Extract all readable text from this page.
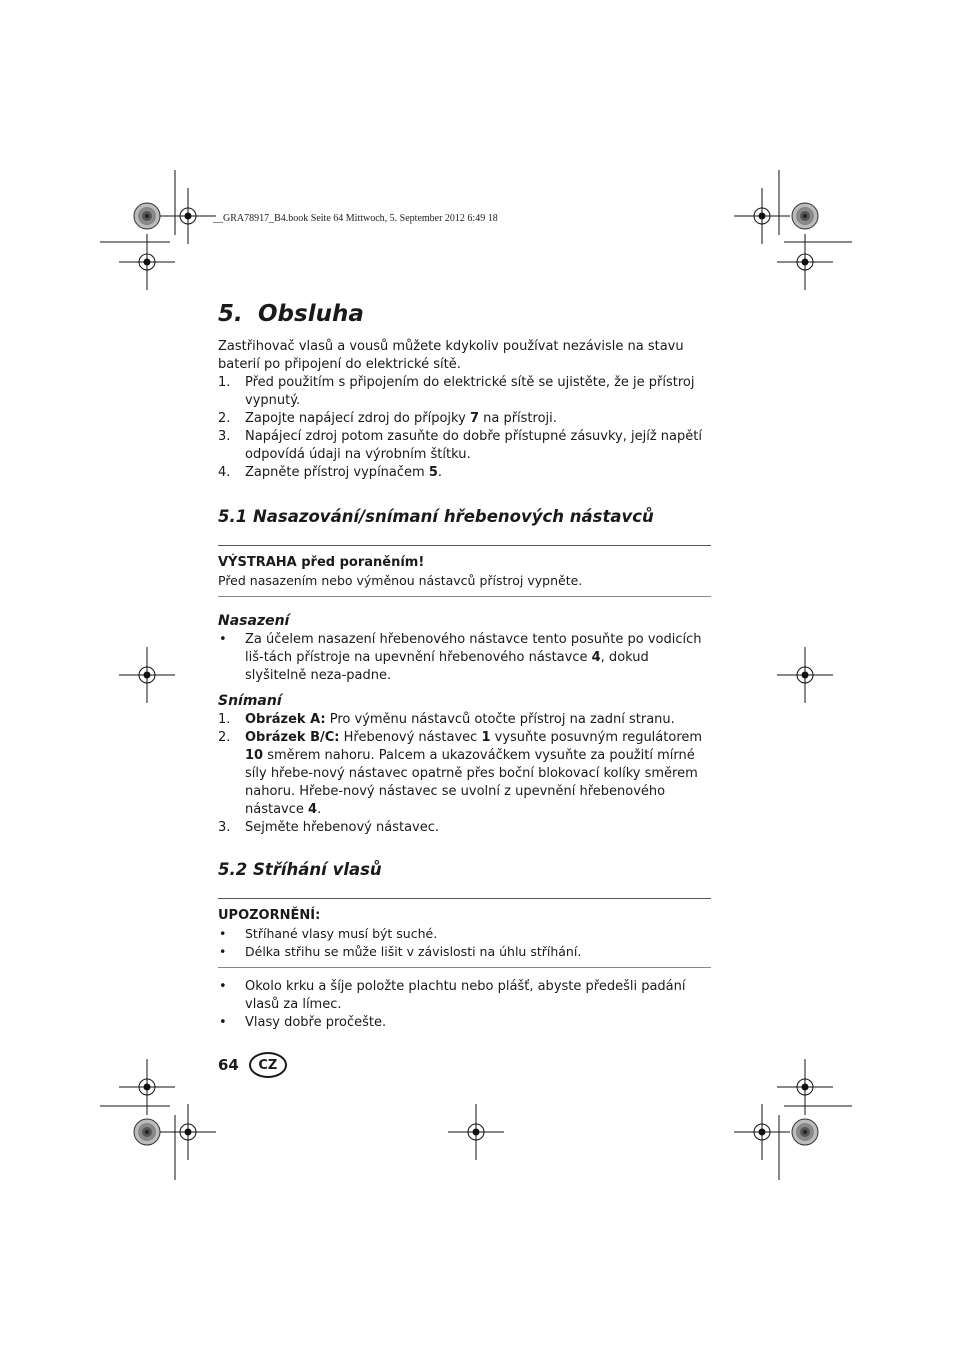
__GRA78917_B4.book Seite 64 Mittwoch, 5. September 2012 6:49 18
5. Obsluha

Zastřihovač vlasů a vousů můžete kdykoliv používat nezávisle na stavu baterií po připojení do elektrické sítě.

1. Před použitím s připojením do elektrické sítě se ujistěte, že je přístroj vypnutý.
2. Zapojte napájecí zdroj do přípojky 7 na přístroji.
3. Napájecí zdroj potom zasuňte do dobře přístupné zásuvky, jejíž napětí odpovídá údaji na výrobním štítku.
4. Zapněte přístroj vypínačem 5.
5.1 Nasazování/snímaní hřebenových nástavců
VÝSTRAHA před poraněním!
Před nasazením nebo výměnou nástavců přístroj vypněte.
Nasazení
• Za účelem nasazení hřebenového nástavce tento posuňte po vodicích liš-tách přístroje na upevnění hřebenového nástavce 4, dokud slyšitelně neza-padne.
Snímaní
1. Obrázek A: Pro výměnu nástavců otočte přístroj na zadní stranu.
2. Obrázek B/C: Hřebenový nástavec 1 vysuňte posuvným regulátorem 10 směrem nahoru. Palcem a ukazováčkem vysuňte za použití mírné síly hřebe-nový nástavec opatrně přes boční blokovací kolíky směrem nahoru. Hřebe-nový nástavec se uvolní z upevnění hřebenového nástavce 4.
3. Sejměte hřebenový nástavec.
5.2 Stříhání vlasů
UPOZORNĚNÍ:
• Stříhané vlasy musí být suché.
• Délka střihu se může lišit v závislosti na úhlu stříhání.
• Okolo krku a šíje položte plachtu nebo plášť, abyste předešli padání vlasů za límec.
• Vlasy dobře pročešte.
64	CZ
